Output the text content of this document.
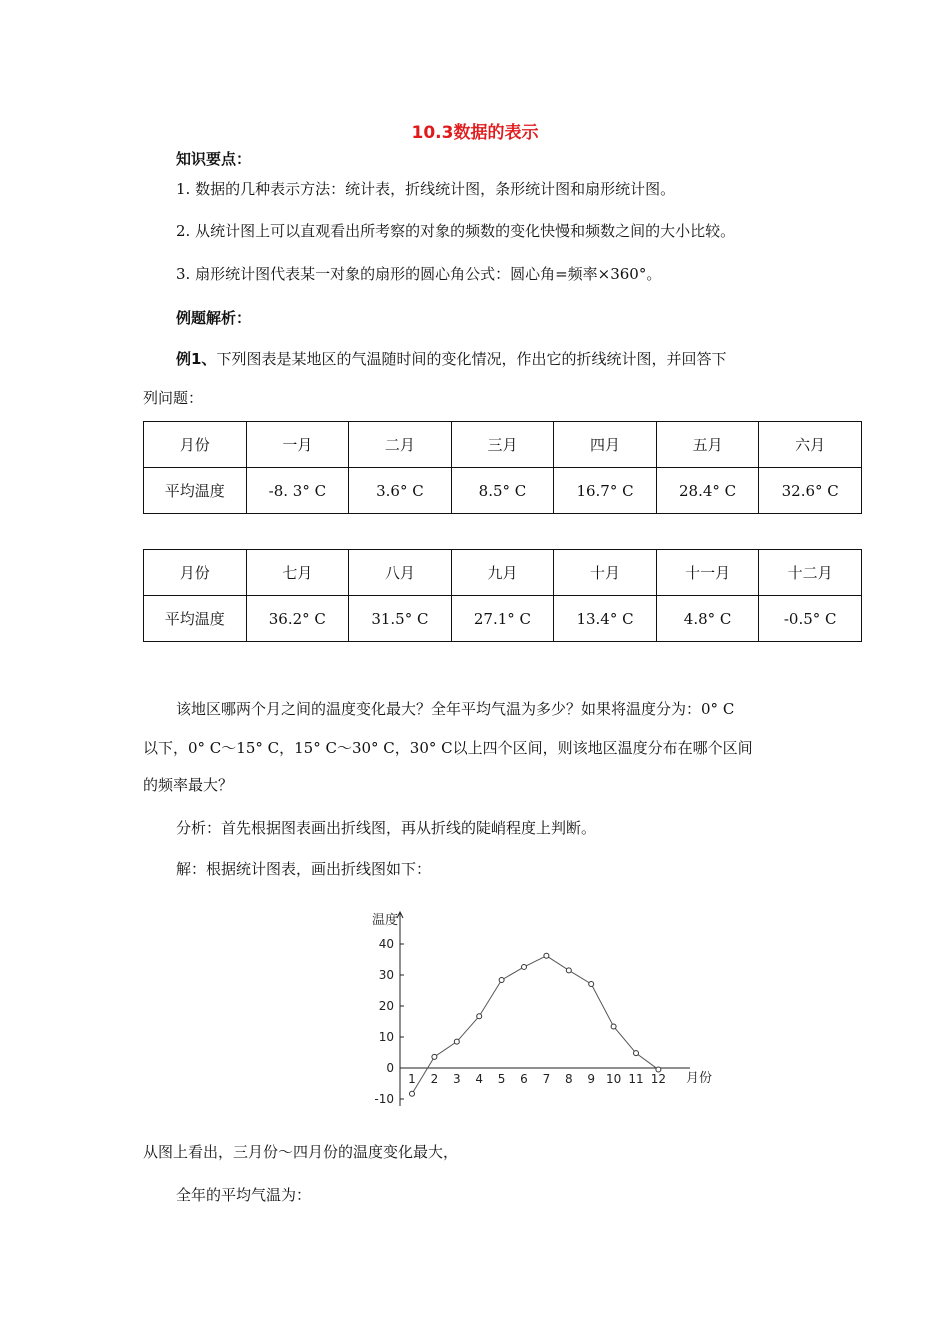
10.3数据的表示
知识要点：
1. 数据的几种表示方法：统计表，折线统计图，条形统计图和扇形统计图。
2. 从统计图上可以直观看出所考察的对象的频数的变化快慢和频数之间的大小比较。
3. 扇形统计图代表某一对象的扇形的圆心角公式：圆心角=频率×360°。
例题解析：
例1、下列图表是某地区的气温随时间的变化情况，作出它的折线统计图，并回答下
列问题：
月份	一月	二月	三月	四月	五月	六月
平均温度	-8. 3° C	3.6° C	8.5° C	16.7° C	28.4° C	32.6° C
月份	七月	八月	九月	十月	十一月	十二月
平均温度	36.2° C	31.5° C	27.1° C	13.4° C	4.8° C	-0.5° C
该地区哪两个月之间的温度变化最大？全年平均气温为多少？如果将温度分为：0° C
以下，0° C～15° C，15° C～30° C，30° C以上四个区间，则该地区温度分布在哪个区间
的频率最大？
分析：首先根据图表画出折线图，再从折线的陡峭程度上判断。
解：根据统计图表，画出折线图如下：
40
30
20
10
0
-10
1 2 3 4 5 6 7 8 9 10 11 12
温度
月份
从图上看出，三月份～四月份的温度变化最大，
全年的平均气温为：
